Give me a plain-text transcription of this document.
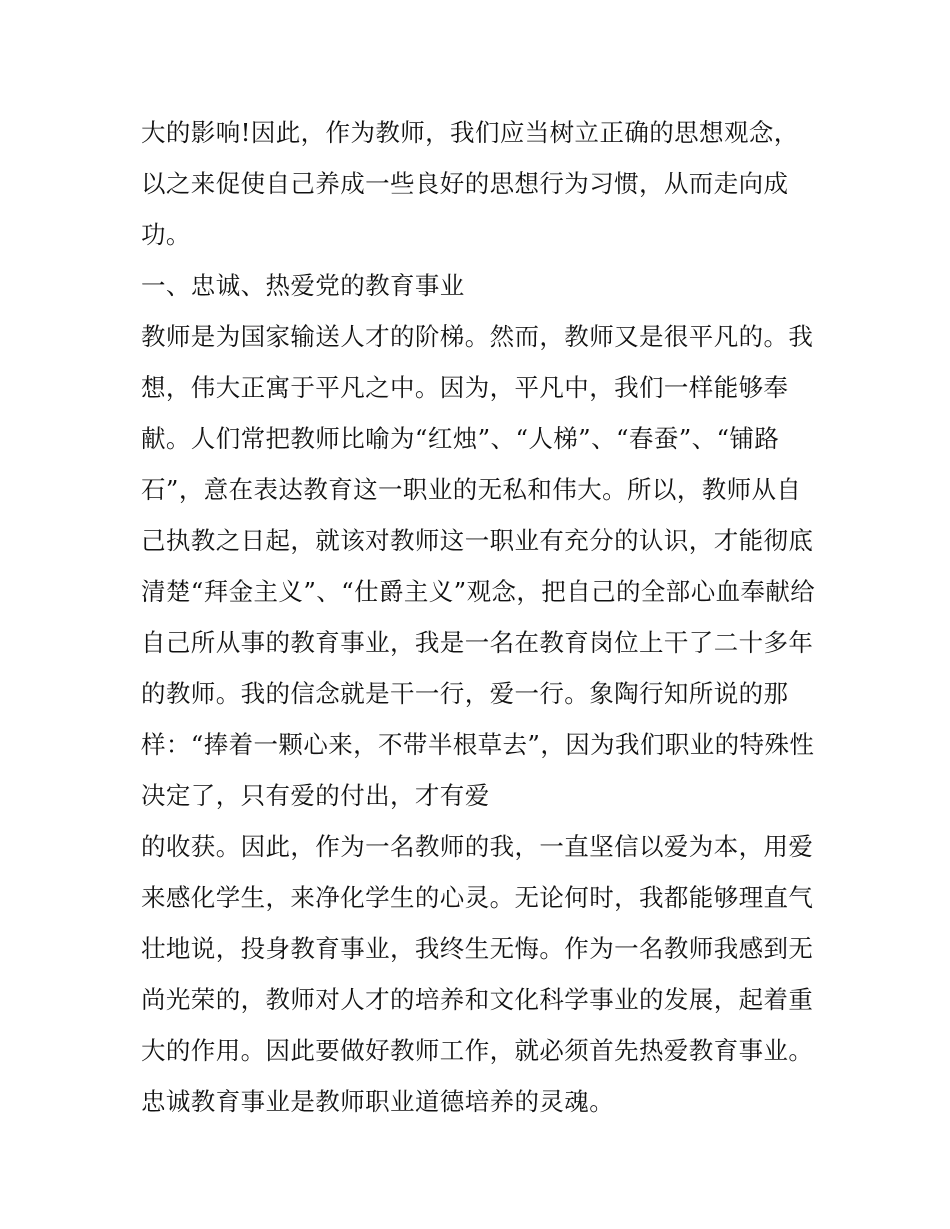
大的影响!因此，作为教师，我们应当树立正确的思想观念，
以之来促使自己养成一些良好的思想行为习惯，从而走向成
功。
一、忠诚、热爱党的教育事业
教师是为国家输送人才的阶梯。然而，教师又是很平凡的。我
想，伟大正寓于平凡之中。因为，平凡中，我们一样能够奉
献。人们常把教师比喻为“红烛”、“人梯”、“春蚕”、“铺路
石”，意在表达教育这一职业的无私和伟大。所以，教师从自
己执教之日起，就该对教师这一职业有充分的认识，才能彻底
清楚“拜金主义”、“仕爵主义”观念，把自己的全部心血奉献给
自己所从事的教育事业，我是一名在教育岗位上干了二十多年
的教师。我的信念就是干一行，爱一行。象陶行知所说的那
样：“捧着一颗心来，不带半根草去”，因为我们职业的特殊性
决定了，只有爱的付出，才有爱
的收获。因此，作为一名教师的我，一直坚信以爱为本，用爱
来感化学生，来净化学生的心灵。无论何时，我都能够理直气
壮地说，投身教育事业，我终生无悔。作为一名教师我感到无
尚光荣的，教师对人才的培养和文化科学事业的发展，起着重
大的作用。因此要做好教师工作，就必须首先热爱教育事业。
忠诚教育事业是教师职业道德培养的灵魂。
